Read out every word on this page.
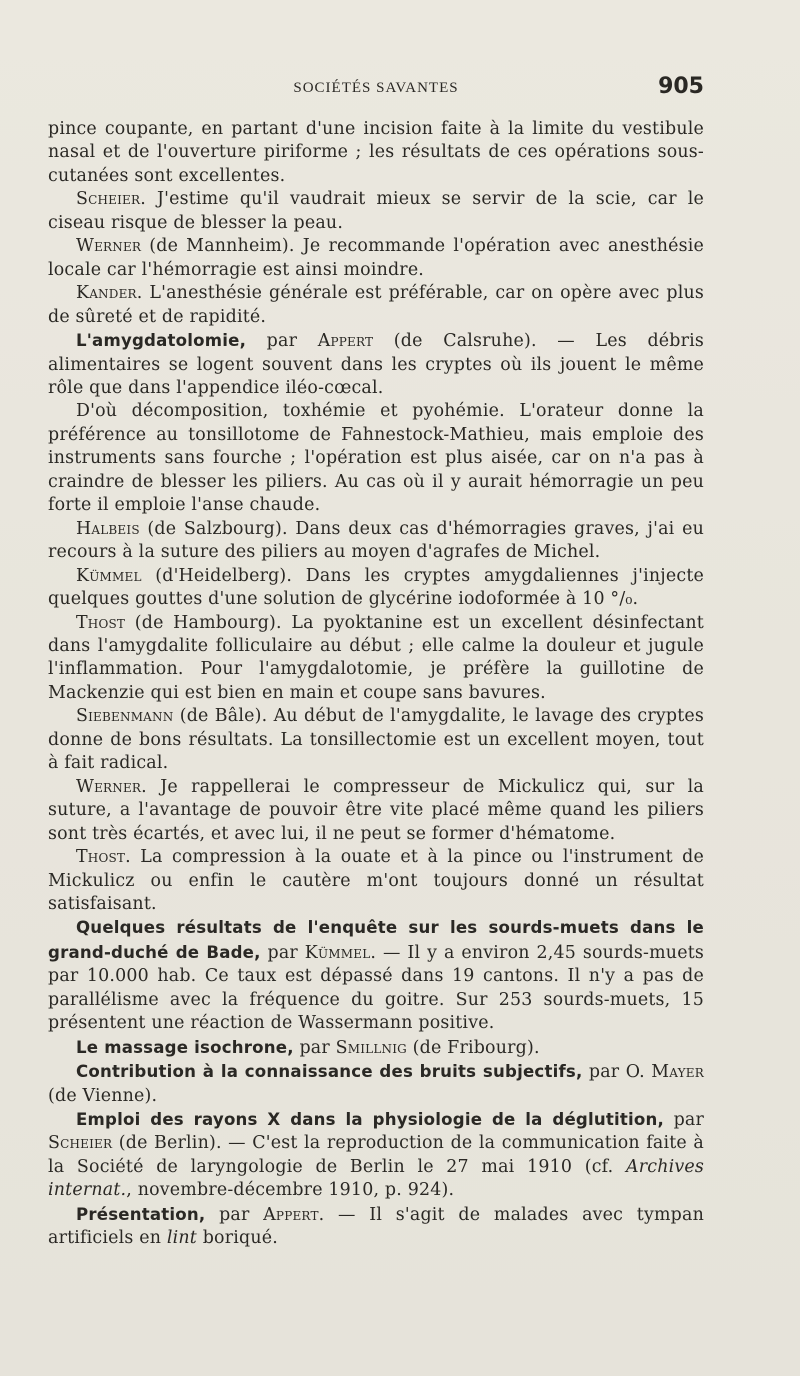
SOCIÉTÉS SAVANTES	905

pince coupante, en partant d'une incision faite à la limite du vestibule nasal et de l'ouverture piriforme ; les résultats de ces opérations sous-cutanées sont excellentes.

Scheier. J'estime qu'il vaudrait mieux se servir de la scie, car le ciseau risque de blesser la peau.

Werner (de Mannheim). Je recommande l'opération avec anesthésie locale car l'hémorragie est ainsi moindre.

Kander. L'anesthésie générale est préférable, car on opère avec plus de sûreté et de rapidité.

L'amygdatolomie, par Appert (de Calsruhe). — Les débris alimentaires se logent souvent dans les cryptes où ils jouent le même rôle que dans l'appendice iléo-cœcal.

D'où décomposition, toxhémie et pyohémie. L'orateur donne la préférence au tonsillotome de Fahnestock-Mathieu, mais emploie des instruments sans fourche ; l'opération est plus aisée, car on n'a pas à craindre de blesser les piliers. Au cas où il y aurait hémorragie un peu forte il emploie l'anse chaude.

Halbeis (de Salzbourg). Dans deux cas d'hémorragies graves, j'ai eu recours à la suture des piliers au moyen d'agrafes de Michel.

Kümmel (d'Heidelberg). Dans les cryptes amygdaliennes j'injecte quelques gouttes d'une solution de glycérine iodoformée à 10 °/₀.

Thost (de Hambourg). La pyoktanine est un excellent désinfectant dans l'amygdalite folliculaire au début ; elle calme la douleur et jugule l'inflammation. Pour l'amygdalotomie, je préfère la guillotine de Mackenzie qui est bien en main et coupe sans bavures.

Siebenmann (de Bâle). Au début de l'amygdalite, le lavage des cryptes donne de bons résultats. La tonsillectomie est un excellent moyen, tout à fait radical.

Werner. Je rappellerai le compresseur de Mickulicz qui, sur la suture, a l'avantage de pouvoir être vite placé même quand les piliers sont très écartés, et avec lui, il ne peut se former d'hématome.

Thost. La compression à la ouate et à la pince ou l'instrument de Mickulicz ou enfin le cautère m'ont toujours donné un résultat satisfaisant.

Quelques résultats de l'enquête sur les sourds-muets dans le grand-duché de Bade, par Kümmel. — Il y a environ 2,45 sourds-muets par 10.000 hab. Ce taux est dépassé dans 19 cantons. Il n'y a pas de parallélisme avec la fréquence du goitre. Sur 253 sourds-muets, 15 présentent une réaction de Wassermann positive.

Le massage isochrone, par Smillnig (de Fribourg).

Contribution à la connaissance des bruits subjectifs, par O. Mayer (de Vienne).

Emploi des rayons X dans la physiologie de la déglutition, par Scheier (de Berlin). — C'est la reproduction de la communication faite à la Société de laryngologie de Berlin le 27 mai 1910 (cf. Archives internat., novembre-décembre 1910, p. 924).

Présentation, par Appert. — Il s'agit de malades avec tympan artificiels en lint boriqué.
